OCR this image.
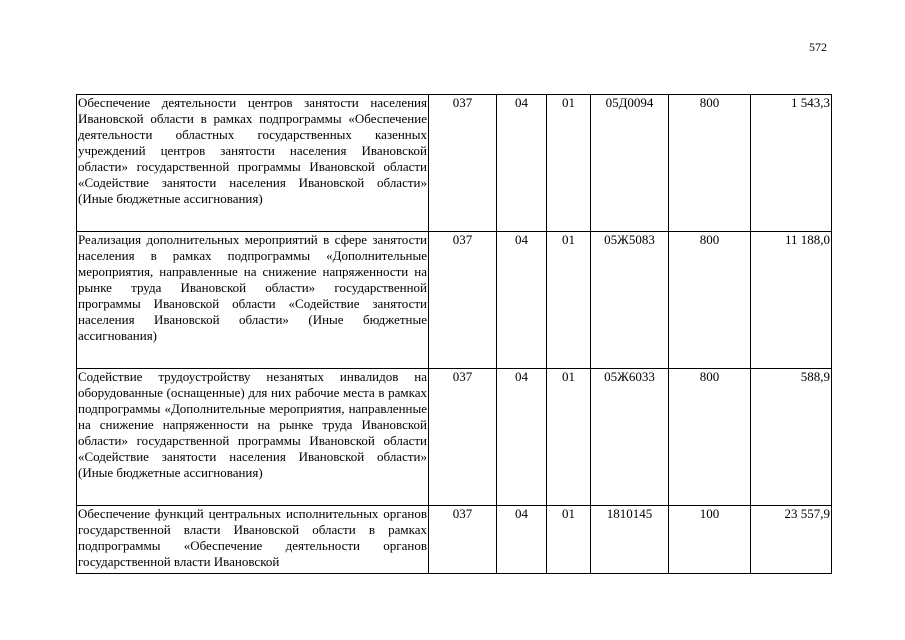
572
Обеспечение деятельности центров занятости населения Ивановской области в рамках подпрограммы «Обеспечение деятельности областных государственных казенных учреждений центров занятости населения Ивановской области» государственной программы Ивановской области «Содействие занятости населения Ивановской области» (Иные бюджетные ассигнования)	037	04	01	05Д0094	800	1 543,3
Реализация дополнительных мероприятий в сфере занятости населения в рамках подпрограммы «Дополнительные мероприятия, направленные на снижение напряженности на рынке труда Ивановской области» государственной программы Ивановской области «Содействие занятости населения Ивановской области» (Иные бюджетные ассигнования)	037	04	01	05Ж5083	800	11 188,0
Содействие трудоустройству незанятых инвалидов на оборудованные (оснащенные) для них рабочие места в рамках подпрограммы «Дополнительные мероприятия, направленные на снижение напряженности на рынке труда Ивановской области» государственной программы Ивановской области «Содействие занятости населения Ивановской области» (Иные бюджетные ассигнования)	037	04	01	05Ж6033	800	588,9
Обеспечение функций центральных исполнительных органов государственной власти Ивановской области в рамках подпрограммы «Обеспечение деятельности органов государственной власти Ивановской	037	04	01	1810145	100	23 557,9
